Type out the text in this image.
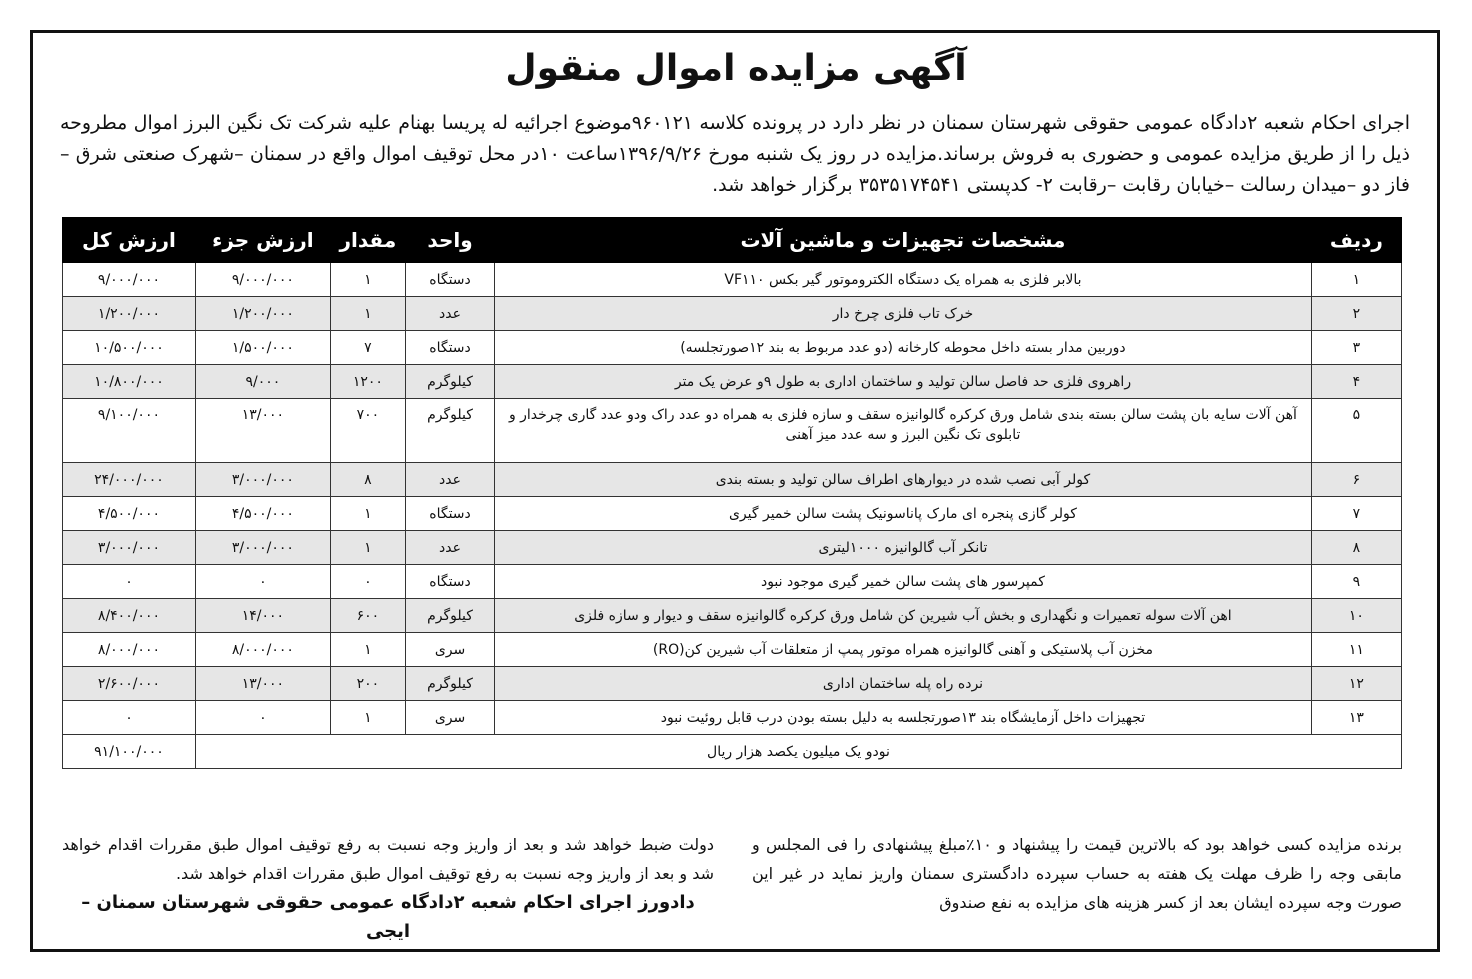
آگهی مزایده اموال منقول
اجرای احکام شعبه ۲دادگاه عمومی حقوقی شهرستان سمنان در نظر دارد در پرونده کلاسه ۹۶۰۱۲۱موضوع اجرائیه له پریسا بهنام علیه شرکت تک نگین البرز اموال مطروحه ذیل را از طریق مزایده عمومی و حضوری به فروش برساند.مزایده در روز یک شنبه مورخ ۱۳۹۶/۹/۲۶ساعت ۱۰در محل توقیف اموال واقع در سمنان –شهرک صنعتی شرق –فاز دو –میدان رسالت –خیابان رقابت –رقابت ۲- کدپستی ۳۵۳۵۱۷۴۵۴۱ برگزار خواهد شد.
ردیف	مشخصات تجهیزات و ماشین آلات	واحد	مقدار	ارزش جزء	ارزش کل
۱	بالابر فلزی به همراه یک دستگاه الکتروموتور گیر بکس VF۱۱۰	دستگاه	۱	۹/۰۰۰/۰۰۰	۹/۰۰۰/۰۰۰
۲	خرک تاب فلزی چرخ دار	عدد	۱	۱/۲۰۰/۰۰۰	۱/۲۰۰/۰۰۰
۳	دوربین مدار بسته داخل محوطه کارخانه (دو عدد مربوط به بند ۱۲صورتجلسه)	دستگاه	۷	۱/۵۰۰/۰۰۰	۱۰/۵۰۰/۰۰۰
۴	راهروی فلزی حد فاصل سالن تولید و ساختمان اداری به طول ۹و عرض یک متر	کیلوگرم	۱۲۰۰	۹/۰۰۰	۱۰/۸۰۰/۰۰۰
۵	آهن آلات سایه بان پشت سالن بسته بندی شامل ورق کرکره گالوانیزه سقف و سازه فلزی به همراه دو عدد راک ودو عدد گاری چرخدار و تابلوی تک نگین البرز و سه عدد میز آهنی	کیلوگرم	۷۰۰	۱۳/۰۰۰	۹/۱۰۰/۰۰۰
۶	کولر آبی نصب شده در دیوارهای اطراف سالن تولید و بسته بندی	عدد	۸	۳/۰۰۰/۰۰۰	۲۴/۰۰۰/۰۰۰
۷	کولر گازی پنجره ای مارک پاناسونیک پشت سالن خمیر گیری	دستگاه	۱	۴/۵۰۰/۰۰۰	۴/۵۰۰/۰۰۰
۸	تانکر آب گالوانیزه ۱۰۰۰لیتری	عدد	۱	۳/۰۰۰/۰۰۰	۳/۰۰۰/۰۰۰
۹	کمپرسور های پشت سالن خمیر گیری موجود نبود	دستگاه	۰	۰	۰
۱۰	اهن آلات سوله تعمیرات و نگهداری و بخش آب شیرین کن شامل ورق کرکره گالوانیزه سقف و دیوار و سازه فلزی	کیلوگرم	۶۰۰	۱۴/۰۰۰	۸/۴۰۰/۰۰۰
۱۱	مخزن آب پلاستیکی و آهنی گالوانیزه همراه موتور پمپ از متعلقات آب شیرین کن(RO)	سری	۱	۸/۰۰۰/۰۰۰	۸/۰۰۰/۰۰۰
۱۲	نرده راه پله ساختمان اداری	کیلوگرم	۲۰۰	۱۳/۰۰۰	۲/۶۰۰/۰۰۰
۱۳	تجهیزات داخل آزمایشگاه بند ۱۳صورتجلسه به دلیل بسته بودن درب قابل روئیت نبود	سری	۱	۰	۰
نودو یک میلیون یکصد هزار ریال					۹۱/۱۰۰/۰۰۰
برنده مزایده کسی خواهد بود که بالاترین قیمت را پیشنهاد و ۱۰٪مبلغ پیشنهادی را فی المجلس و مابقی وجه را ظرف مهلت یک هفته به حساب سپرده دادگستری سمنان واریز نماید در غیر این صورت وجه سپرده ایشان بعد از کسر هزینه های مزایده به نفع صندوق
دولت ضبط خواهد شد و بعد از واریز وجه نسبت به رفع توقیف اموال طبق مقررات اقدام خواهد شد و بعد از واریز وجه نسبت به رفع توقیف اموال طبق مقررات اقدام خواهد شد.
دادورز اجرای احکام شعبه ۲دادگاه عمومی حقوقی شهرستان سمنان –ایجی
